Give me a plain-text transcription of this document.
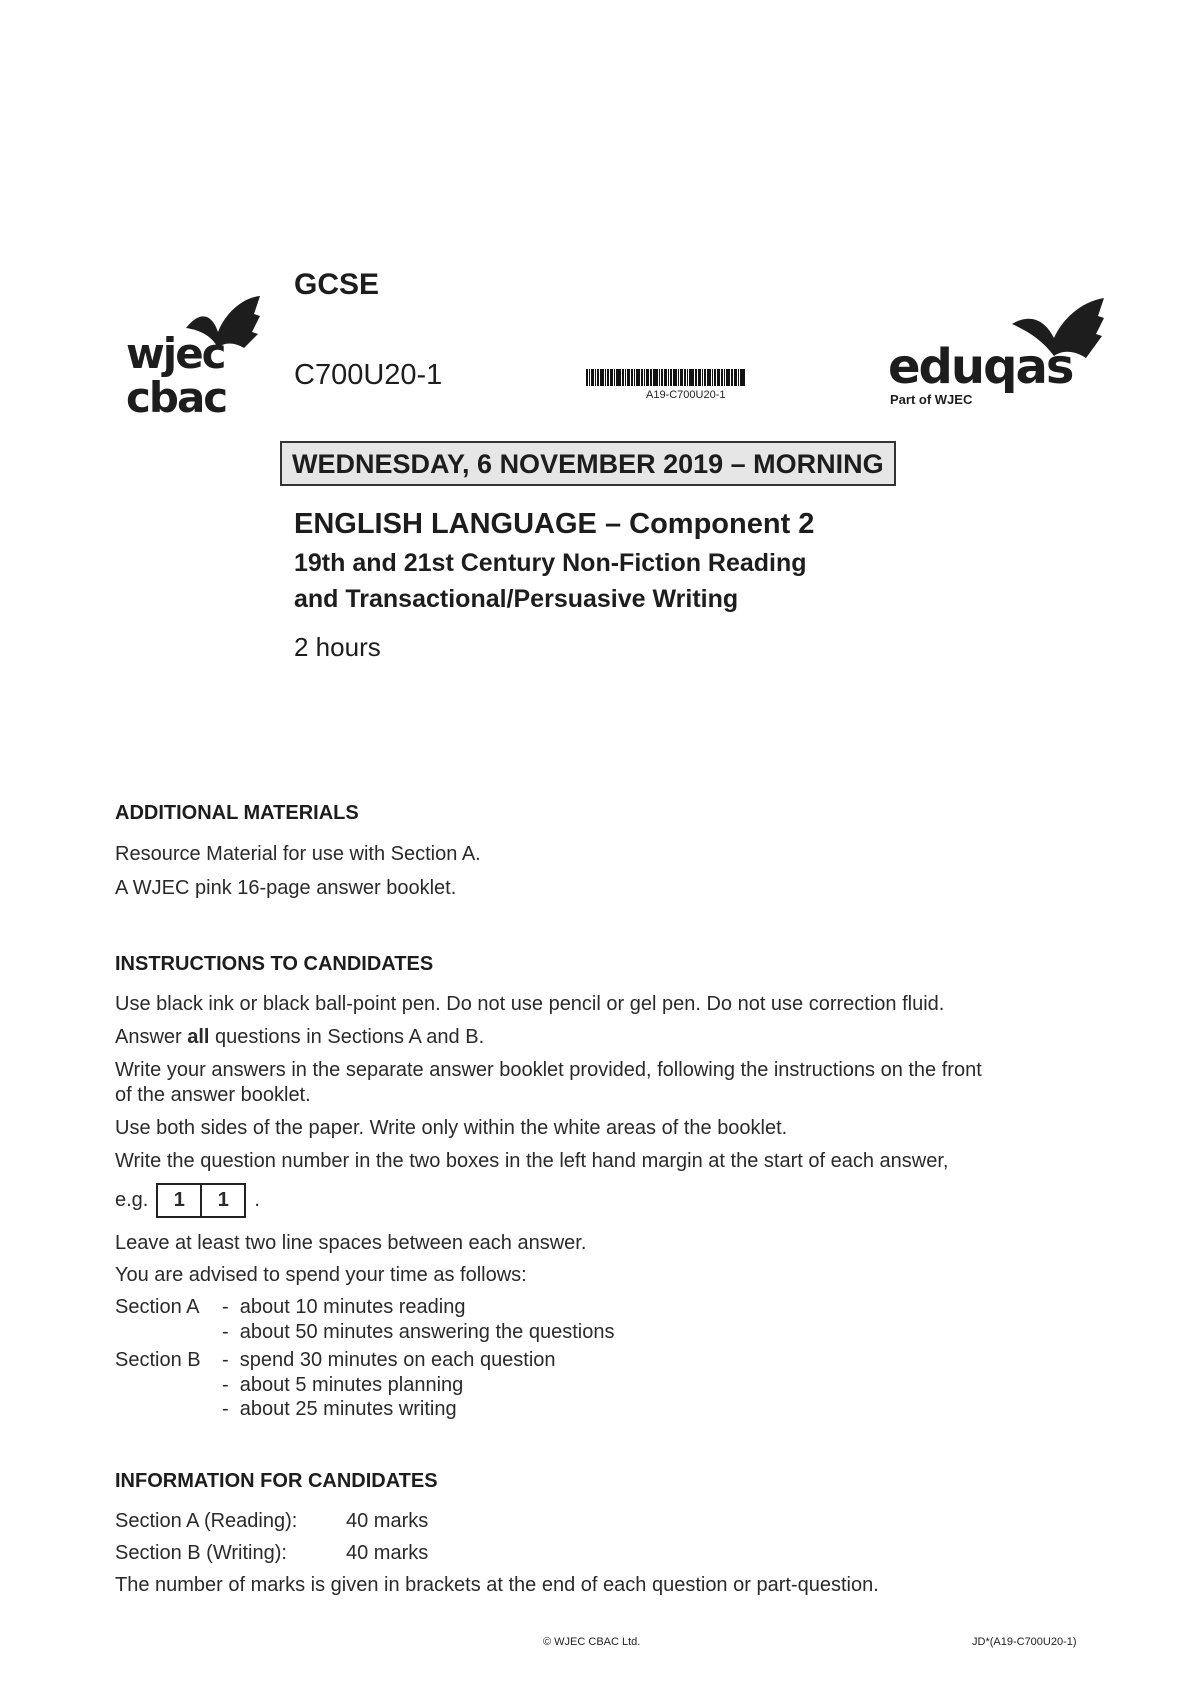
wjec
cbac
eduqas
Part of WJEC
GCSE
C700U20-1
A19-C700U20-1
WEDNESDAY, 6 NOVEMBER 2019 – MORNING
ENGLISH LANGUAGE – Component 2
19th and 21st Century Non-Fiction Reading
and Transactional/Persuasive Writing
2 hours
ADDITIONAL MATERIALS
Resource Material for use with Section A.
A WJEC pink 16-page answer booklet.
INSTRUCTIONS TO CANDIDATES
Use black ink or black ball-point pen. Do not use pencil or gel pen. Do not use correction fluid.
Answer all questions in Sections A and B.
Write your answers in the separate answer booklet provided, following the instructions on the front
of the answer booklet.
Use both sides of the paper. Write only within the white areas of the booklet.
Write the question number in the two boxes in the left hand margin at the start of each answer,
e.g.	1	1	.
Leave at least two line spaces between each answer.
You are advised to spend your time as follows:
Section A -  about 10 minutes reading
-  about 50 minutes answering the questions
Section B -  spend 30 minutes on each question
-  about 5 minutes planning
-  about 25 minutes writing
INFORMATION FOR CANDIDATES
Section A (Reading): 40 marks
Section B (Writing):	40 marks
The number of marks is given in brackets at the end of each question or part-question.
© WJEC CBAC Ltd.	JD*(A19-C700U20-1)
